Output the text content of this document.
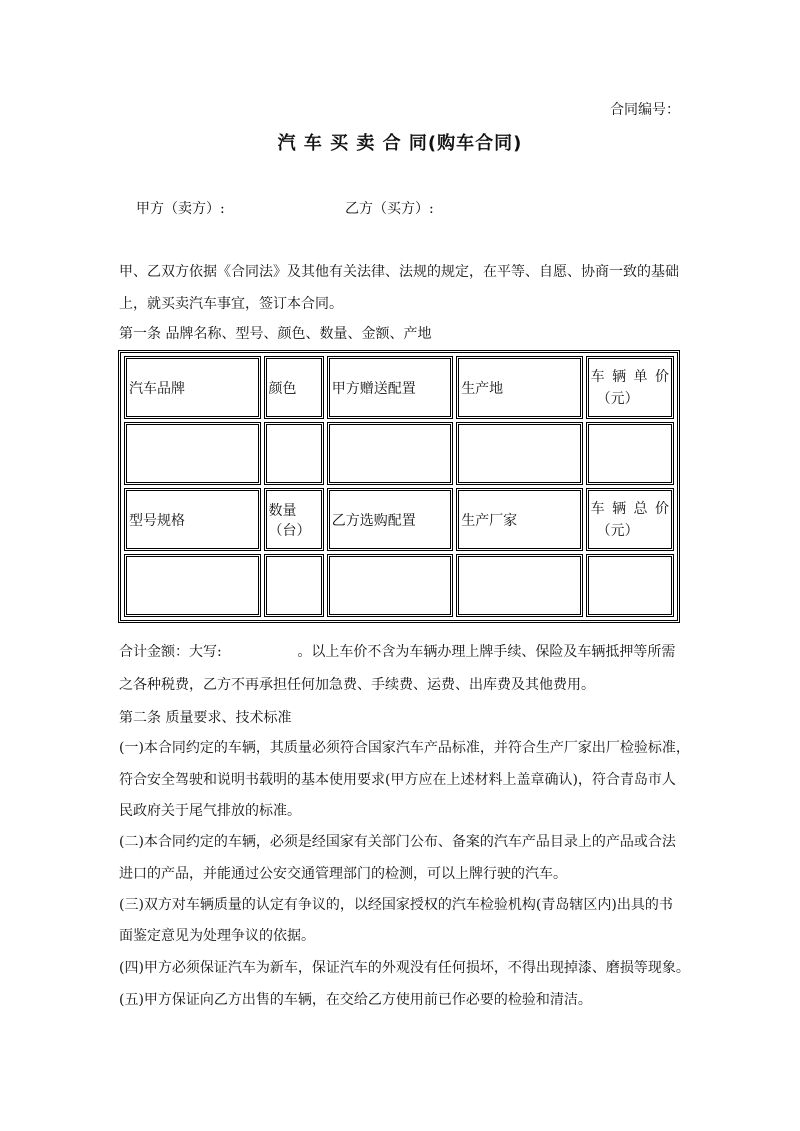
合同编号：
汽 车 买 卖 合 同(购车合同)
甲方（卖方）:	乙方（买方）:
甲、乙双方依据《合同法》及其他有关法律、法规的规定，在平等、自愿、协商一致的基础
上，就买卖汽车事宜，签订本合同。
第一条 品牌名称、型号、颜色、数量、金额、产地
汽车品牌	颜色	甲方赠送配置	生产地	车 辆 单 价
（元）

型号规格	数量（台）	乙方选购配置	生产厂家	车 辆 总 价
（元）

合计金额：大写:                 。以上车价不含为车辆办理上牌手续、保险及车辆抵押等所需
之各种税费，乙方不再承担任何加急费、手续费、运费、出库费及其他费用。
第二条 质量要求、技术标准
(一)本合同约定的车辆，其质量必须符合国家汽车产品标准，并符合生产厂家出厂检验标准，
符合安全驾驶和说明书载明的基本使用要求(甲方应在上述材料上盖章确认)，符合青岛市人
民政府关于尾气排放的标准。
(二)本合同约定的车辆，必须是经国家有关部门公布、备案的汽车产品目录上的产品或合法
进口的产品，并能通过公安交通管理部门的检测，可以上牌行驶的汽车。
(三)双方对车辆质量的认定有争议的，以经国家授权的汽车检验机构(青岛辖区内)出具的书
面鉴定意见为处理争议的依据。
(四)甲方必须保证汽车为新车，保证汽车的外观没有任何损坏，不得出现掉漆、磨损等现象。
(五)甲方保证向乙方出售的车辆，在交给乙方使用前已作必要的检验和清洁。
